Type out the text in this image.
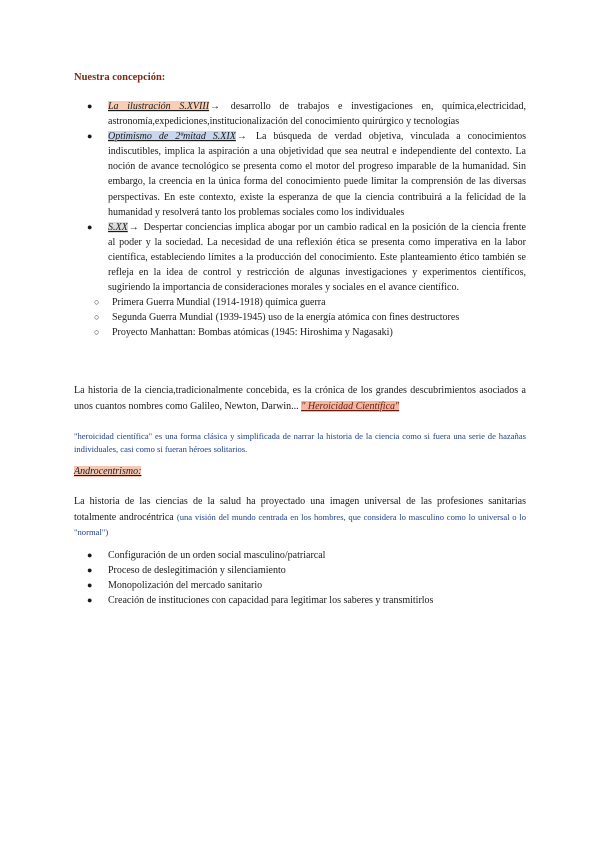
Nuestra concepción:
● La ilustración S.XVIII→ desarrollo de trabajos e investigaciones en, química,electricidad, astronomía,expediciones,institucionalización del conocimiento quirúrgico y tecnologías
● Optimismo de 2ªmitad S.XIX→ La búsqueda de verdad objetiva, vinculada a conocimientos indiscutibles, implica la aspiración a una objetividad que sea neutral e independiente del contexto. La noción de avance tecnológico se presenta como el motor del progreso imparable de la humanidad. Sin embargo, la creencia en la única forma del conocimiento puede limitar la comprensión de las diversas perspectivas. En este contexto, existe la esperanza de que la ciencia contribuirá a la felicidad de la humanidad y resolverá tanto los problemas sociales como los individuales
● S.XX→ Despertar conciencias implica abogar por un cambio radical en la posición de la ciencia frente al poder y la sociedad. La necesidad de una reflexión ética se presenta como imperativa en la labor científica, estableciendo límites a la producción del conocimiento. Este planteamiento ético también se refleja en la idea de control y restricción de algunas investigaciones y experimentos científicos, sugiriendo la importancia de consideraciones morales y sociales en el avance científico.
○ Primera Guerra Mundial (1914-1918) química guerra
○ Segunda Guerra Mundial (1939-1945) uso de la energía atómica con fines destructores
○ Proyecto Manhattan: Bombas atómicas (1945: Hiroshima y Nagasaki)
La historia de la ciencia,tradicionalmente concebida, es la crónica de los grandes descubrimientos asociados a unos cuantos nombres como Galileo, Newton, Darwin... " Heroicidad Científica"
"heroicidad científica" es una forma clásica y simplificada de narrar la historia de la ciencia como si fuera una serie de hazañas individuales, casi como si fueran héroes solitarios.
Androcentrismo:
La historia de las ciencias de la salud ha proyectado una imagen universal de las profesiones sanitarias totalmente androcéntrica (una visión del mundo centrada en los hombres, que considera lo masculino como lo universal o lo "normal")
● Configuración de un orden social masculino/patriarcal
● Proceso de deslegitimación y silenciamiento
● Monopolización del mercado sanitario
● Creación de instituciones con capacidad para legitimar los saberes y transmitirlos
